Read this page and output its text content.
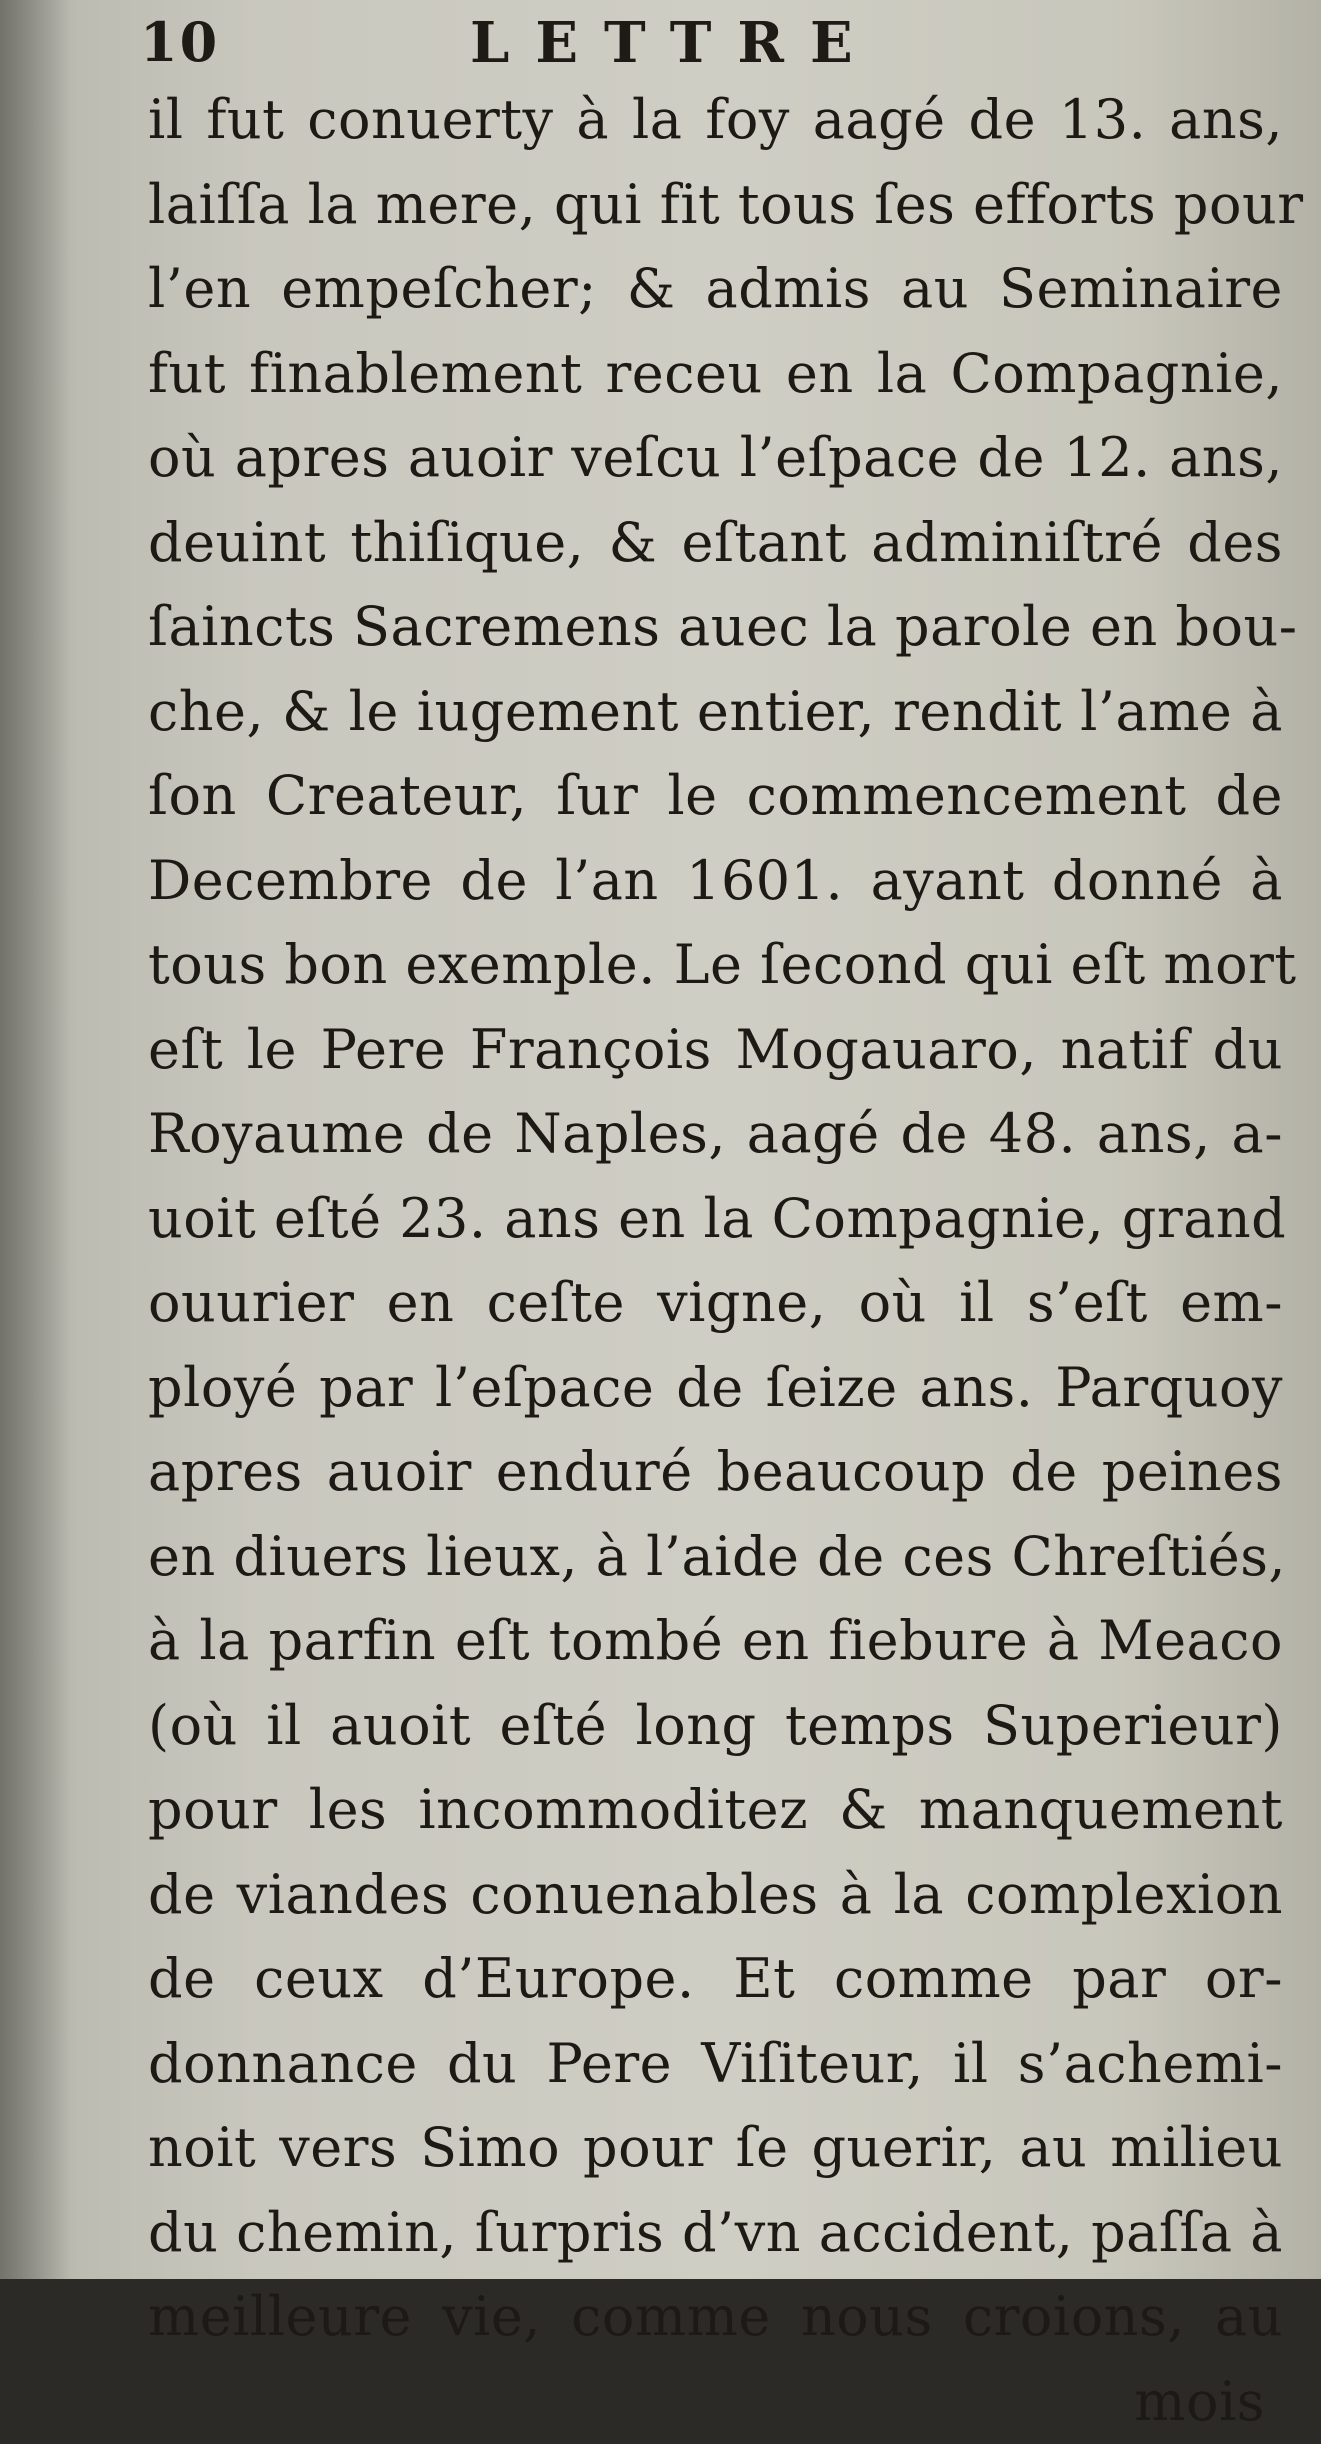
10	LETTRE
il fut conuerty à la foy aagé de 13. ans,
laiſſa la mere, qui fit tous ſes efforts pour
l’en empeſcher; & admis au Seminaire
fut finablement receu en la Compagnie,
où apres auoir veſcu l’eſpace de 12. ans,
deuint thiſique, & eſtant adminiſtré des
ſaincts Sacremens auec la parole en bou-
che, & le iugement entier, rendit l’ame à
ſon Createur, ſur le commencement de
Decembre de l’an 1601. ayant donné à
tous bon exemple. Le ſecond qui eſt mort
eſt le Pere François Mogauaro, natif du
Royaume de Naples, aagé de 48. ans, a-
uoit eſté 23. ans en la Compagnie, grand
ouurier en ceſte vigne, où il s’eſt em-
ployé par l’eſpace de ſeize ans. Parquoy
apres auoir enduré beaucoup de peines
en diuers lieux, à l’aide de ces Chreſtiés,
à la parfin eſt tombé en fiebure à Meaco
(où il auoit eſté long temps Superieur)
pour les incommoditez & manquement
de viandes conuenables à la complexion
de ceux d’Europe. Et comme par or-
donnance du Pere Viſiteur, il s’achemi-
noit vers Simo pour ſe guerir, au milieu
du chemin, ſurpris d’vn accident, paſſa à
meilleure vie, comme nous croions, au
mois
